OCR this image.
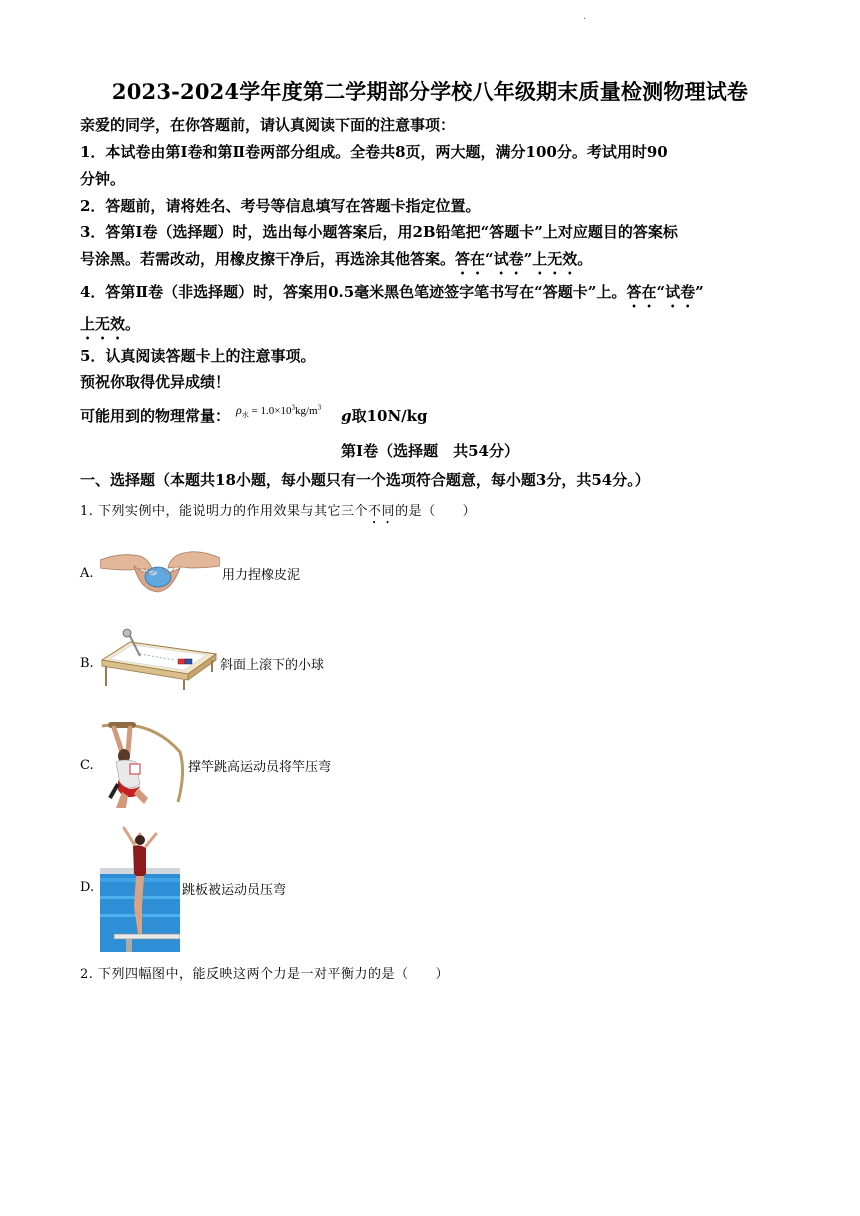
·
2023-2024学年度第二学期部分学校八年级期末质量检测物理试卷
亲爱的同学，在你答题前，请认真阅读下面的注意事项：
1．本试卷由第Ⅰ卷和第Ⅱ卷两部分组成。全卷共8页，两大题，满分100分。考试用时90
分钟。
2．答题前，请将姓名、考号等信息填写在答题卡指定位置。
3．答第Ⅰ卷（选择题）时，选出每小题答案后，用2B铅笔把“答题卡”上对应题目的答案标
号涂黑。若需改动，用橡皮擦干净后，再选涂其他答案。答在“试卷”上无效。
4．答第Ⅱ卷（非选择题）时，答案用0.5毫米黑色笔迹签字笔书写在“答题卡”上。答在“试卷”
上无效。
5．认真阅读答题卡上的注意事项。
预祝你取得优异成绩！
可能用到的物理常量： $^{\rho_水 = 1.0\times 10^3kg/m^3}$ g取10N/kg
第Ⅰ卷（选择题　共54分）
一、选择题（本题共18小题，每小题只有一个选项符合题意，每小题3分，共54分。）
1. 下列实例中，能说明力的作用效果与其它三个不同的是（　　）
A.	用力捏橡皮泥
B.	斜面上滚下的小球
C.	撑竿跳高运动员将竿压弯
D.	跳板被运动员压弯
2. 下列四幅图中，能反映这两个力是一对平衡力的是（　　）
